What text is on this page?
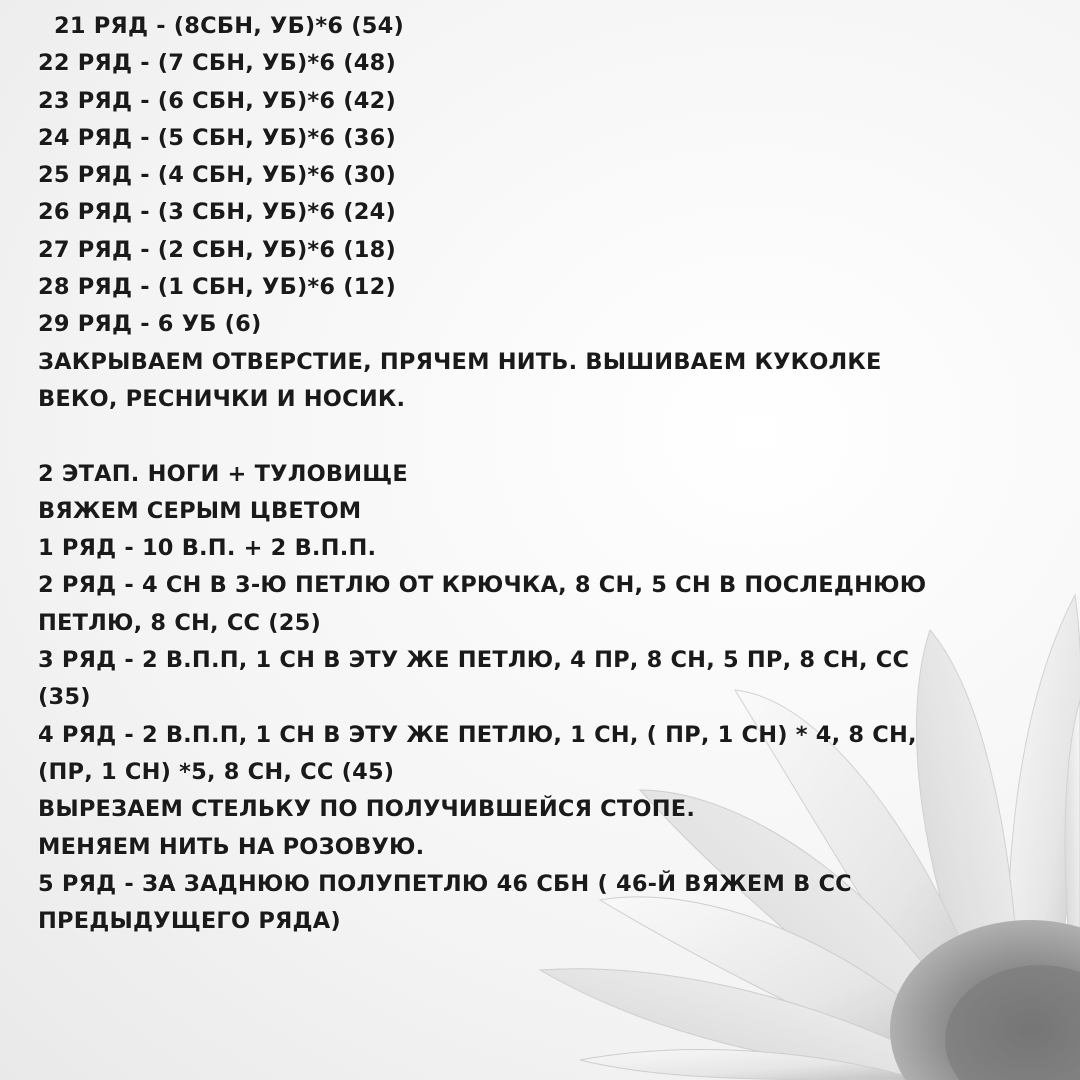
21 РЯД - (8СБН, УБ)*6 (54)
22 РЯД - (7 СБН, УБ)*6 (48)
23 РЯД - (6 СБН, УБ)*6 (42)
24 РЯД - (5 СБН, УБ)*6 (36)
25 РЯД - (4 СБН, УБ)*6 (30)
26 РЯД - (3 СБН, УБ)*6 (24)
27 РЯД - (2 СБН, УБ)*6 (18)
28 РЯД - (1 СБН, УБ)*6 (12)
29 РЯД - 6 УБ (6)
ЗАКРЫВАЕМ ОТВЕРСТИЕ, ПРЯЧЕМ НИТЬ. ВЫШИВАЕМ КУКОЛКЕ
ВЕКО, РЕСНИЧКИ И НОСИК.
2 ЭТАП. НОГИ + ТУЛОВИЩЕ
ВЯЖЕМ СЕРЫМ ЦВЕТОМ
1 РЯД - 10 В.П. + 2 В.П.П.
2 РЯД - 4 СН В 3-Ю ПЕТЛЮ ОТ КРЮЧКА, 8 СН, 5 СН В ПОСЛЕДНЮЮ
ПЕТЛЮ, 8 СН, СС (25)
3 РЯД - 2 В.П.П, 1 СН В ЭТУ ЖЕ ПЕТЛЮ, 4 ПР, 8 СН, 5 ПР, 8 СН, СС
(35)
4 РЯД - 2 В.П.П, 1 СН В ЭТУ ЖЕ ПЕТЛЮ, 1 СН, ( ПР, 1 СН) * 4, 8 СН,
(ПР, 1 СН) *5, 8 СН, СС (45)
ВЫРЕЗАЕМ СТЕЛЬКУ ПО ПОЛУЧИВШЕЙСЯ СТОПЕ.
МЕНЯЕМ НИТЬ НА РОЗОВУЮ.
5 РЯД - ЗА ЗАДНЮЮ ПОЛУПЕТЛЮ 46 СБН ( 46-Й ВЯЖЕМ В СС
ПРЕДЫДУЩЕГО РЯДА)
